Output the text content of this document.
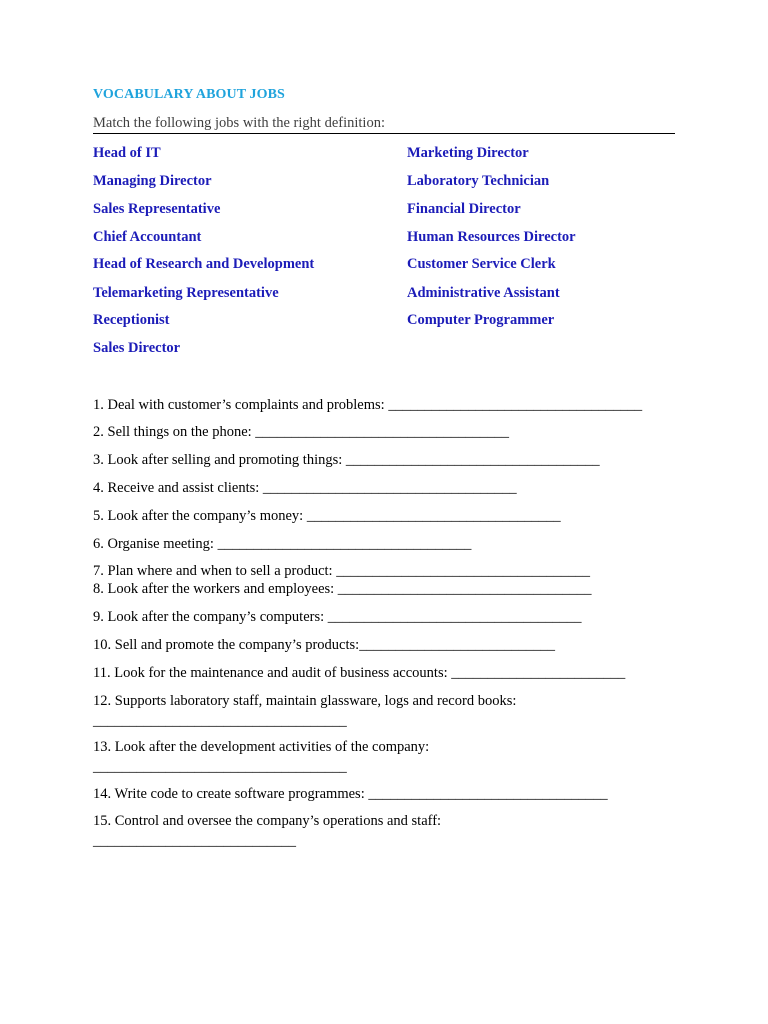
VOCABULARY ABOUT JOBS
Match the following jobs with the right definition:
Head of IT
Managing Director
Sales Representative
Chief Accountant
Head of Research and Development
Telemarketing Representative
Receptionist
Sales Director
Marketing Director
Laboratory Technician
Financial Director
Human Resources Director
Customer Service Clerk
Administrative Assistant
Computer Programmer
1. Deal with customer’s complaints and problems: ___________________________________
2. Sell things on the phone: ___________________________________
3. Look after selling and promoting things: ___________________________________
4. Receive and assist clients: ___________________________________
5. Look after the company’s money: ___________________________________
6. Organise meeting: ___________________________________
7. Plan where and when to sell a product: ___________________________________
8. Look after the workers and employees: ___________________________________
9. Look after the company’s computers: ___________________________________
10. Sell and promote the company’s products:___________________________
11. Look for the maintenance and audit of business accounts: ________________________
12. Supports laboratory staff, maintain glassware, logs and record books:
___________________________________
13. Look after the development activities of the company:
___________________________________
14. Write code to create software programmes: _________________________________
15. Control and oversee the company’s operations and staff:
____________________________
